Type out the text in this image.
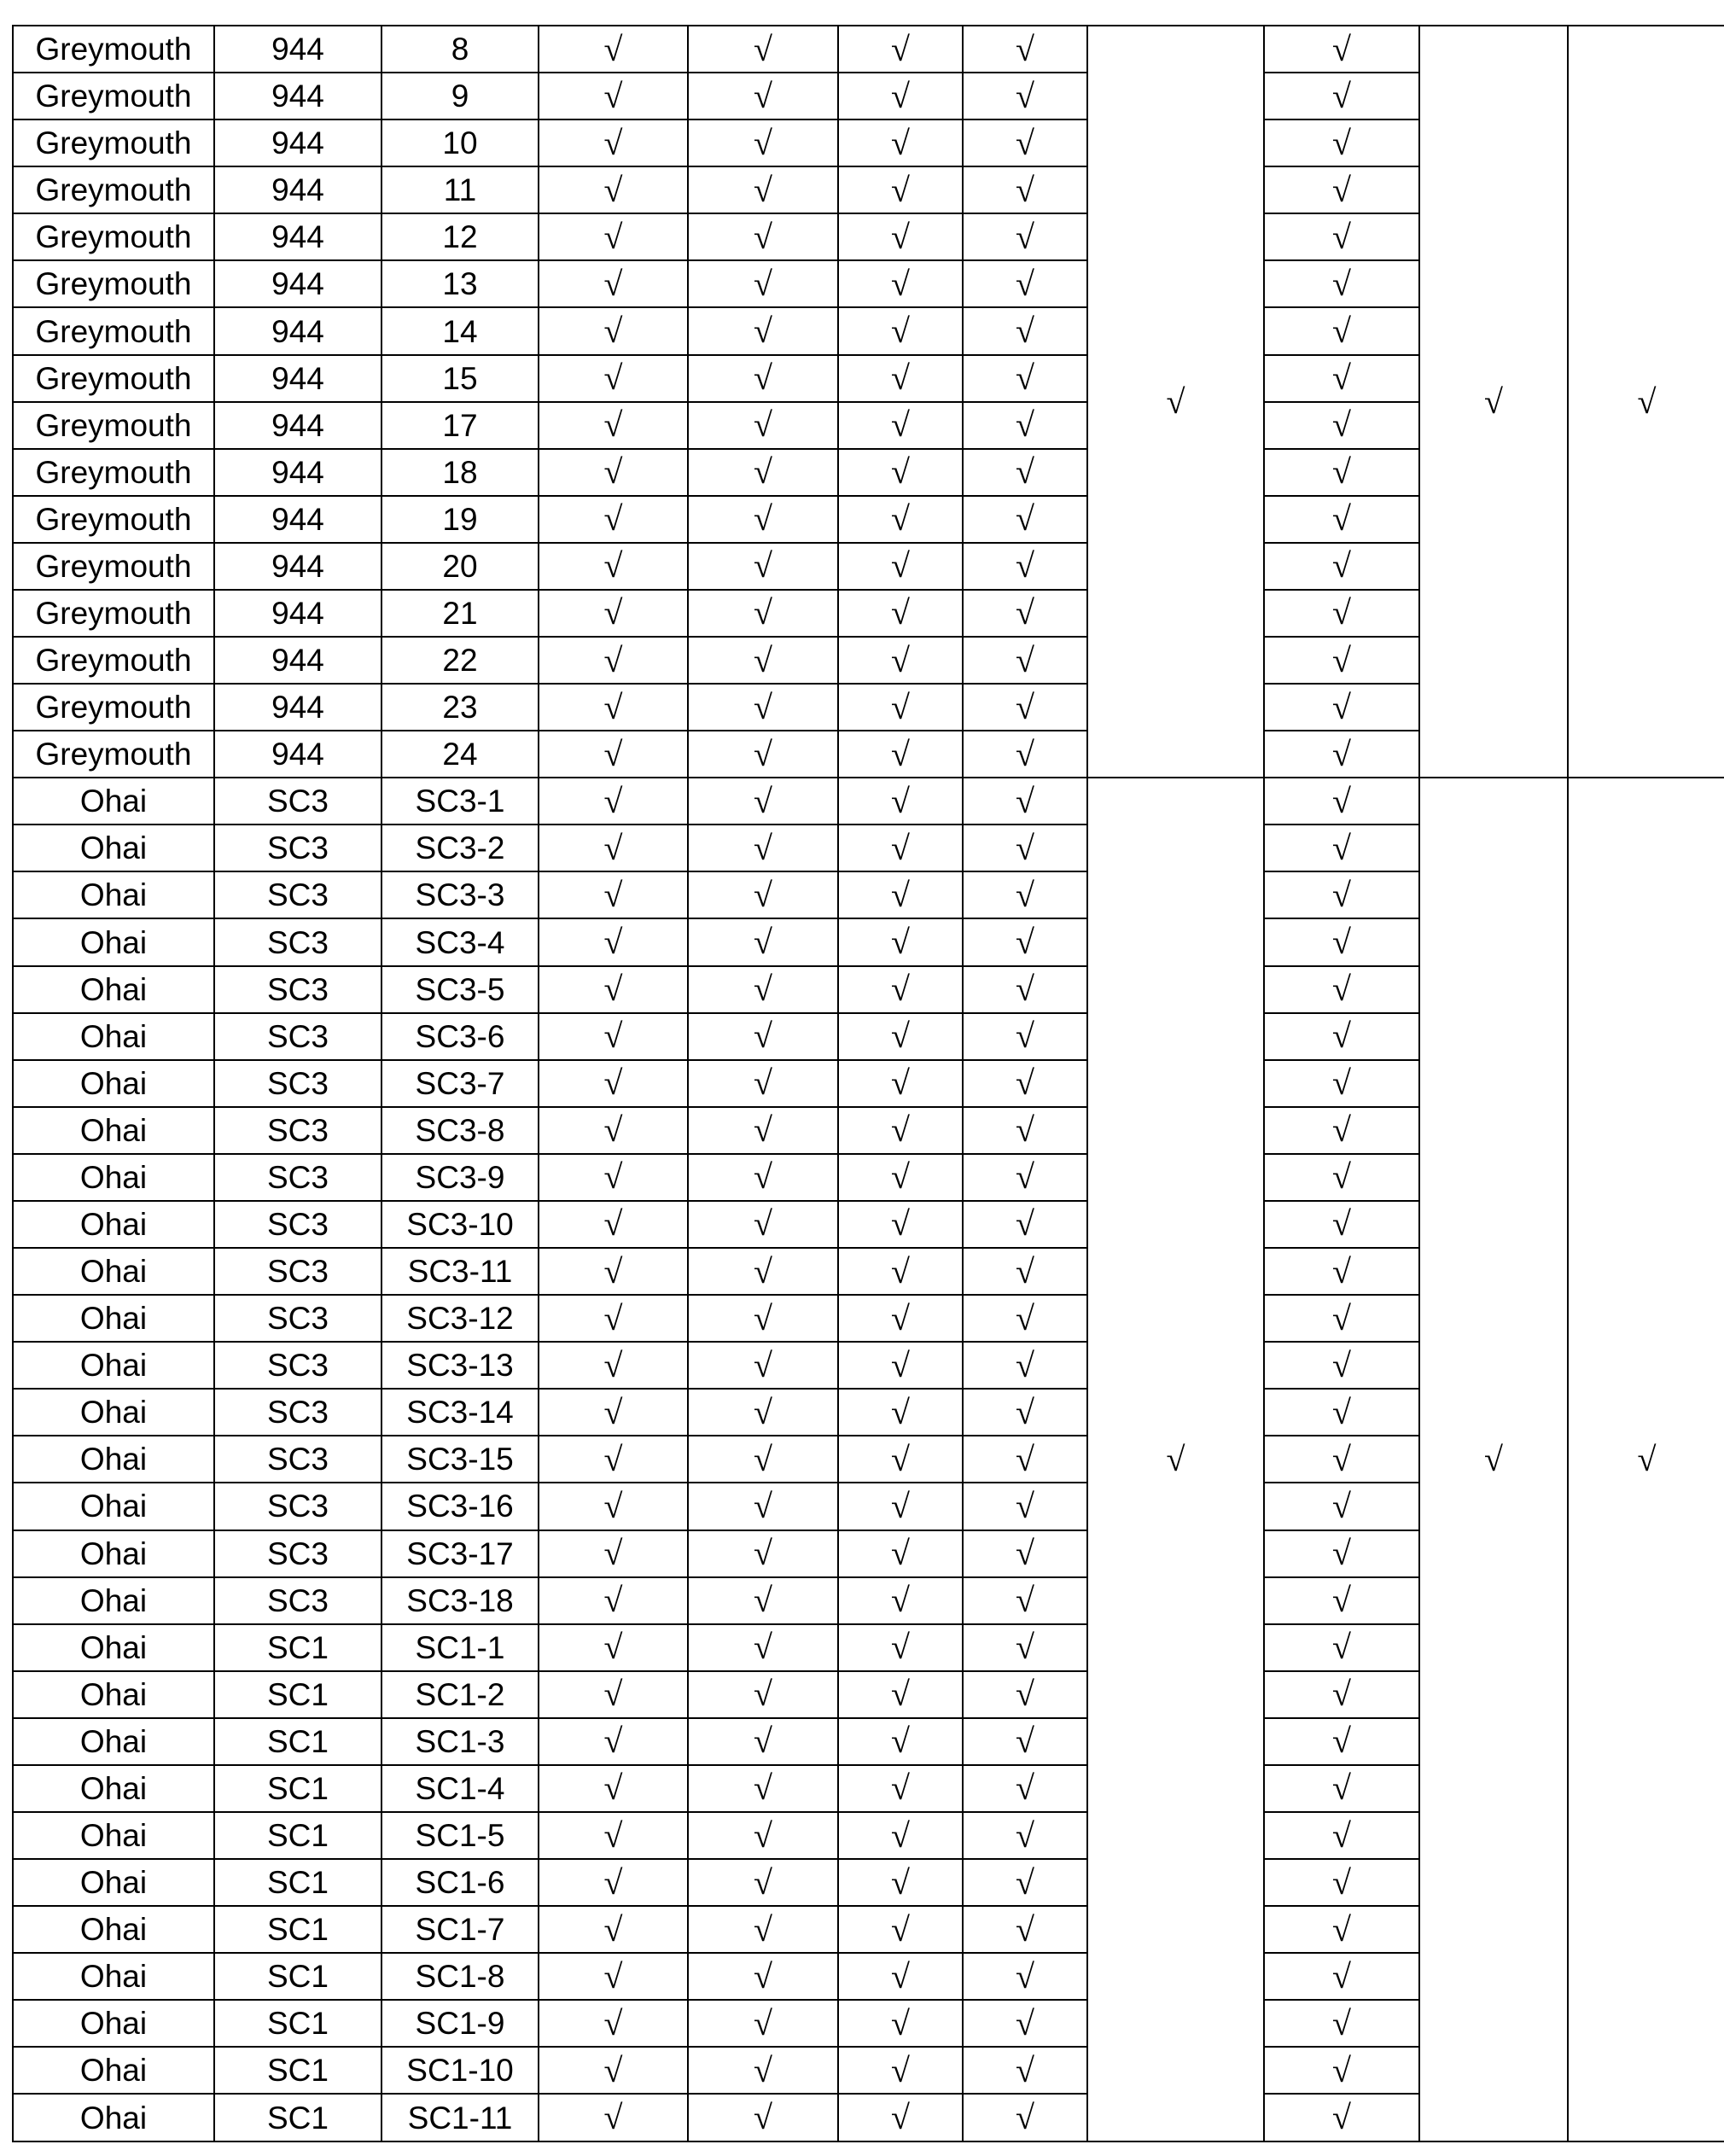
Greymouth	944	8	√	√	√	√	√	√	√	√
Greymouth	944	9	√	√	√	√		√		
Greymouth	944	10	√	√	√	√		√		
Greymouth	944	11	√	√	√	√		√		
Greymouth	944	12	√	√	√	√		√		
Greymouth	944	13	√	√	√	√		√		
Greymouth	944	14	√	√	√	√		√		
Greymouth	944	15	√	√	√	√		√		
Greymouth	944	17	√	√	√	√		√		
Greymouth	944	18	√	√	√	√		√		
Greymouth	944	19	√	√	√	√		√		
Greymouth	944	20	√	√	√	√		√		
Greymouth	944	21	√	√	√	√		√		
Greymouth	944	22	√	√	√	√		√		
Greymouth	944	23	√	√	√	√		√		
Greymouth	944	24	√	√	√	√		√		
Ohai	SC3	SC3-1	√	√	√	√	√	√	√	√
Ohai	SC3	SC3-2	√	√	√	√		√		
Ohai	SC3	SC3-3	√	√	√	√		√		
Ohai	SC3	SC3-4	√	√	√	√		√		
Ohai	SC3	SC3-5	√	√	√	√		√		
Ohai	SC3	SC3-6	√	√	√	√		√		
Ohai	SC3	SC3-7	√	√	√	√		√		
Ohai	SC3	SC3-8	√	√	√	√		√		
Ohai	SC3	SC3-9	√	√	√	√		√		
Ohai	SC3	SC3-10	√	√	√	√		√		
Ohai	SC3	SC3-11	√	√	√	√		√		
Ohai	SC3	SC3-12	√	√	√	√		√		
Ohai	SC3	SC3-13	√	√	√	√		√		
Ohai	SC3	SC3-14	√	√	√	√		√		
Ohai	SC3	SC3-15	√	√	√	√		√		
Ohai	SC3	SC3-16	√	√	√	√		√		
Ohai	SC3	SC3-17	√	√	√	√		√		
Ohai	SC3	SC3-18	√	√	√	√		√		
Ohai	SC1	SC1-1	√	√	√	√		√		
Ohai	SC1	SC1-2	√	√	√	√		√		
Ohai	SC1	SC1-3	√	√	√	√		√		
Ohai	SC1	SC1-4	√	√	√	√		√		
Ohai	SC1	SC1-5	√	√	√	√		√		
Ohai	SC1	SC1-6	√	√	√	√		√		
Ohai	SC1	SC1-7	√	√	√	√		√		
Ohai	SC1	SC1-8	√	√	√	√		√		
Ohai	SC1	SC1-9	√	√	√	√		√		
Ohai	SC1	SC1-10	√	√	√	√		√		
Ohai	SC1	SC1-11	√	√	√	√		√		
